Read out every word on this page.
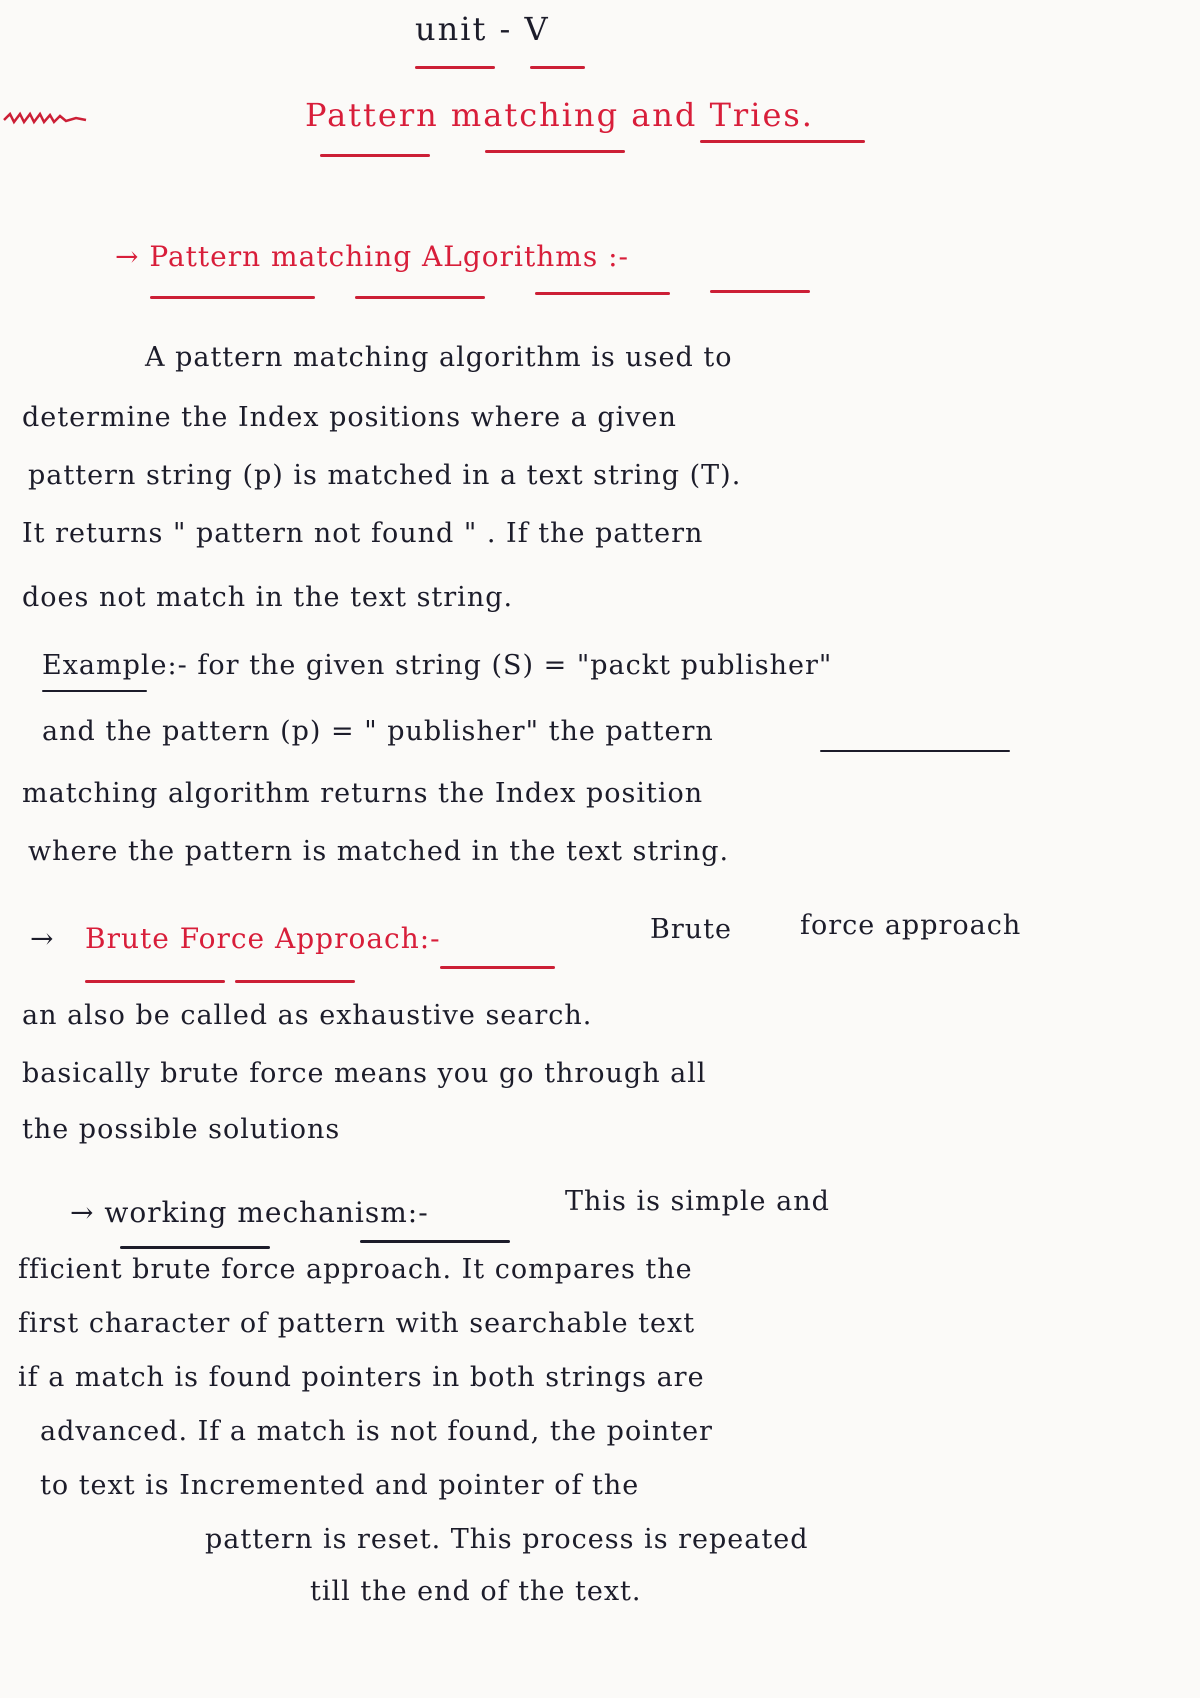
unit - V
Pattern matching and Tries.
→ Pattern matching ALgorithms :-
A pattern matching algorithm is used to
determine the Index positions where a given
pattern string (p) is matched in a text string (T).
It returns " pattern not found " . If the pattern
does not match in the text string.
Example:- for the given string (S) = "packt publisher"
and the pattern (p) = " publisher" the pattern
matching algorithm returns the Index position
where the pattern is matched in the text string.
→ Brute Force Approach:-	Brute	force approach
an also be called as exhaustive search.
basically brute force means you go through all
the possible solutions
→ working mechanism:-	This is simple and
fficient brute force approach. It compares the
first character of pattern with searchable text
if a match is found pointers in both strings are
advanced. If a match is not found, the pointer
to text is Incremented and pointer of the
pattern is reset. This process is repeated
till the end of the text.
